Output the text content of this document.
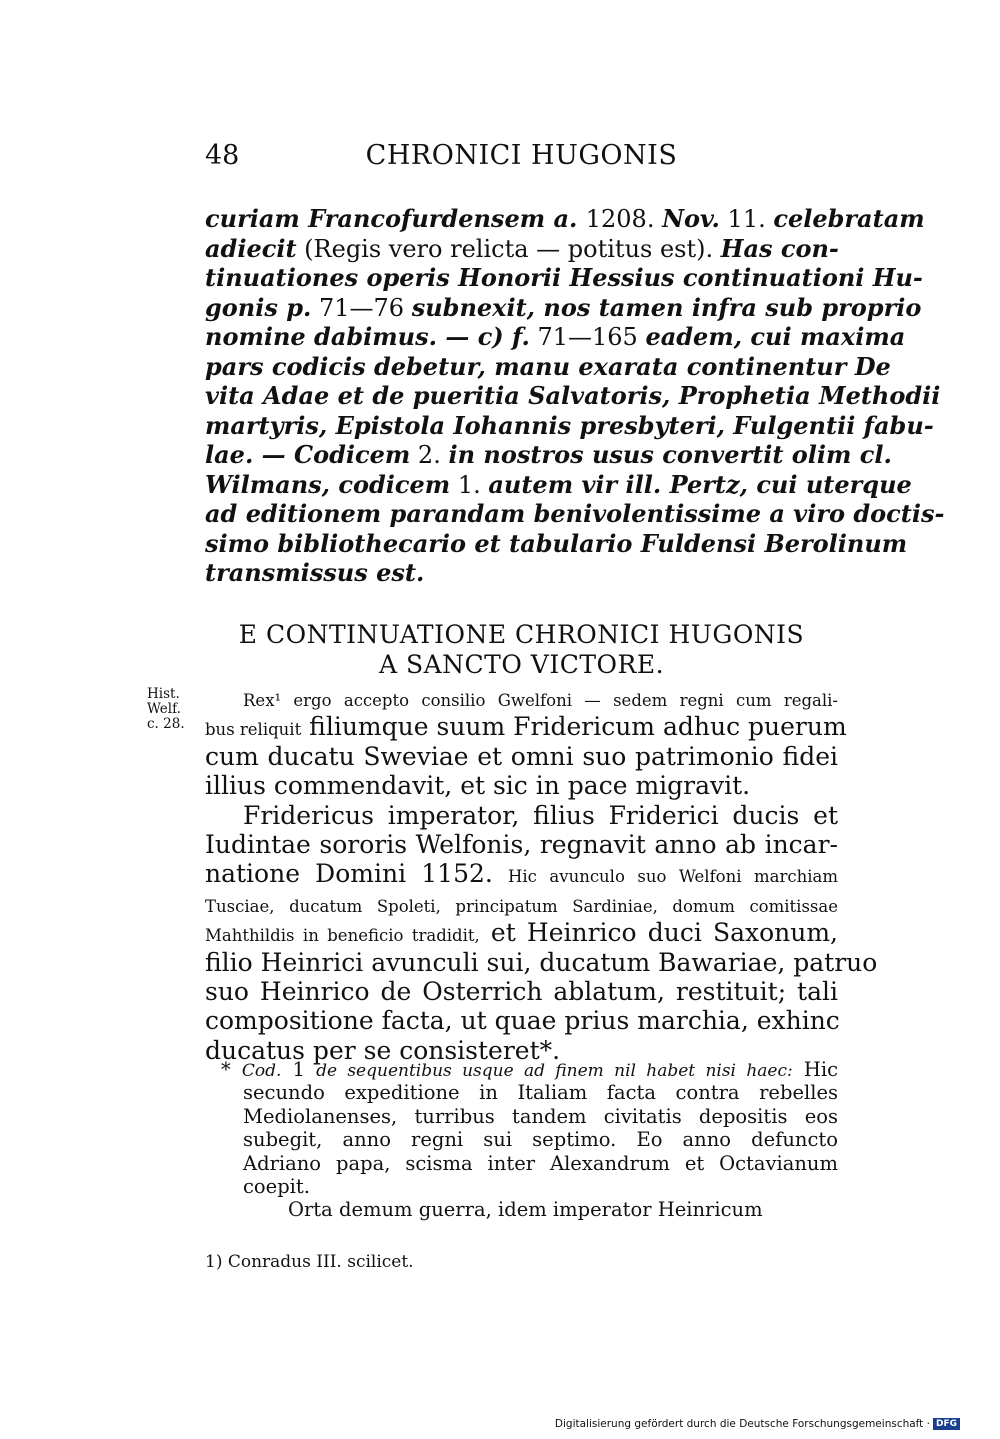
48	CHRONICI HUGONIS
curiam Francofurdensem a. 1208. Nov. 11. celebratam
adiecit (Regis vero relicta — potitus est). Has con-
tinuationes operis Honorii Hessius continuationi Hu-
gonis p. 71—76 subnexit, nos tamen infra sub proprio
nomine dabimus. — c) f. 71—165 eadem, cui maxima
pars codicis debetur, manu exarata continentur De
vita Adae et de pueritia Salvatoris, Prophetia Methodii
martyris, Epistola Iohannis presbyteri, Fulgentii fabu-
lae. — Codicem 2. in nostros usus convertit olim cl.
Wilmans, codicem 1. autem vir ill. Pertz, cui uterque
ad editionem parandam benivolentissime a viro doctis-
simo bibliothecario et tabulario Fuldensi Berolinum
transmissus est.
E CONTINUATIONE CHRONICI HUGONIS
A SANCTO VICTORE.
Hist.
Welf.
c. 28.
Rex¹ ergo accepto consilio Gwelfoni — sedem regni cum regali-
bus reliquit filiumque suum Fridericum adhuc puerum
cum ducatu Sweviae et omni suo patrimonio fidei
illius commendavit, et sic in pace migravit.
Fridericus imperator, filius Friderici ducis et
Iudintae sororis Welfonis, regnavit anno ab incar-
natione Domini 1152. Hic avunculo suo Welfoni marchiam
Tusciae, ducatum Spoleti, principatum Sardiniae, domum comitissae
Mahthildis in beneficio tradidit, et Heinrico duci Saxonum,
filio Heinrici avunculi sui, ducatum Bawariae, patruo
suo Heinrico de Osterrich ablatum, restituit; tali
compositione facta, ut quae prius marchia, exhinc
ducatus per se consisteret*.
* Cod. 1 de sequentibus usque ad finem nil habet nisi haec: Hic
secundo expeditione in Italiam facta contra rebelles
Mediolanenses, turribus tandem civitatis depositis eos
subegit, anno regni sui septimo. Eo anno defuncto
Adriano papa, scisma inter Alexandrum et Octavianum
coepit.
Orta demum guerra, idem imperator Heinricum
1) Conradus III. scilicet.
Digitalisierung gefördert durch die Deutsche Forschungsgemeinschaft · DFG
